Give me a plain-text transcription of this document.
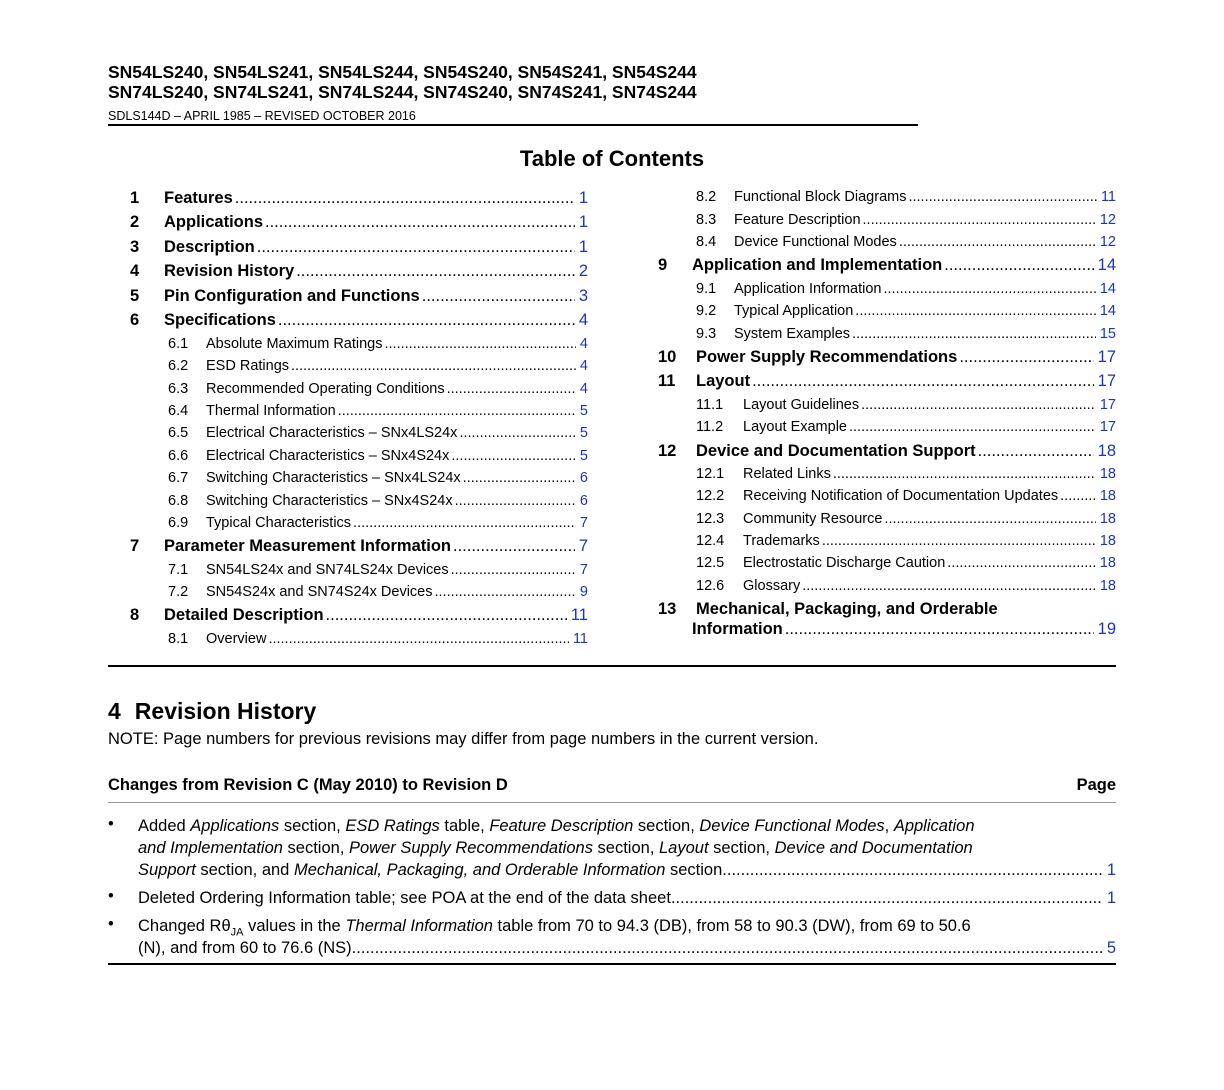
SN54LS240, SN54LS241, SN54LS244, SN54S240, SN54S241, SN54S244
SN74LS240, SN74LS241, SN74LS244, SN74S240, SN74S241, SN74S244
SDLS144D – APRIL 1985 – REVISED OCTOBER 2016
Table of Contents
1	Features .....	1
2	Applications .....	1
3	Description .....	1
4	Revision History .....	2
5	Pin Configuration and Functions .....	3
6	Specifications .....	4
6.1	Absolute Maximum Ratings .....	4
6.2	ESD Ratings .....	4
6.3	Recommended Operating Conditions .....	4
6.4	Thermal Information .....	5
6.5	Electrical Characteristics – SNx4LS24x .....	5
6.6	Electrical Characteristics – SNx4S24x .....	5
6.7	Switching Characteristics – SNx4LS24x .....	6
6.8	Switching Characteristics – SNx4S24x .....	6
6.9	Typical Characteristics .....	7
7	Parameter Measurement Information .....	7
7.1	SN54LS24x and SN74LS24x Devices .....	7
7.2	SN54S24x and SN74S24x Devices .....	9
8	Detailed Description .....	11
8.1	Overview .....	11
8.2	Functional Block Diagrams .....	11
8.3	Feature Description .....	12
8.4	Device Functional Modes .....	12
9	Application and Implementation .....	14
9.1	Application Information .....	14
9.2	Typical Application .....	14
9.3	System Examples .....	15
10	Power Supply Recommendations .....	17
11	Layout .....	17
11.1	Layout Guidelines .....	17
11.2	Layout Example .....	17
12	Device and Documentation Support .....	18
12.1	Related Links .....	18
12.2	Receiving Notification of Documentation Updates .....	18
12.3	Community Resource .....	18
12.4	Trademarks .....	18
12.5	Electrostatic Discharge Caution .....	18
12.6	Glossary .....	18
13	Mechanical, Packaging, and Orderable
Information .....	19
4 Revision History
NOTE: Page numbers for previous revisions may differ from page numbers in the current version.
Changes from Revision C (May 2010) to Revision D	Page
• Added Applications section, ESD Ratings table, Feature Description section, Device Functional Modes, Application
and Implementation section, Power Supply Recommendations section, Layout section, Device and Documentation
Support section, and Mechanical, Packaging, and Orderable Information section .....	1
• Deleted Ordering Information table; see POA at the end of the data sheet .....	1
• Changed $R\theta_{JA}$ values in the Thermal Information table from 70 to 94.3 (DB), from 58 to 90.3 (DW), from 69 to 50.6
(N), and from 60 to 76.6 (NS) .....	5
